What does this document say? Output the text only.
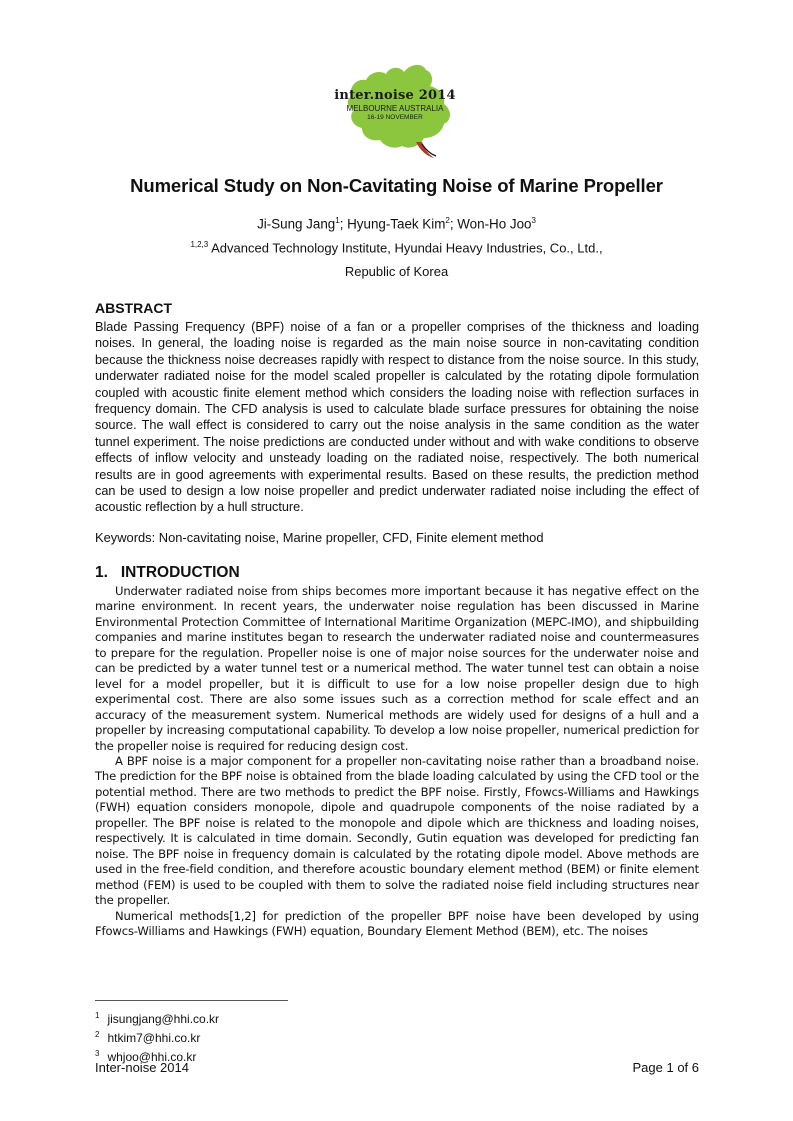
inter.noise 2014
MELBOURNE AUSTRALIA
16-19 NOVEMBER
Numerical Study on Non-Cavitating Noise of Marine Propeller
Ji-Sung Jang$^1$; Hyung-Taek Kim$^2$; Won-Ho Joo$^3$
$^{1,2,3}$ Advanced Technology Institute, Hyundai Heavy Industries, Co., Ltd.,
Republic of Korea
ABSTRACT
Blade Passing Frequency (BPF) noise of a fan or a propeller comprises of the thickness and loading noises. In general, the loading noise is regarded as the main noise source in non-cavitating condition because the thickness noise decreases rapidly with respect to distance from the noise source. In this study, underwater radiated noise for the model scaled propeller is calculated by the rotating dipole formulation coupled with acoustic finite element method which considers the loading noise with reflection surfaces in frequency domain. The CFD analysis is used to calculate blade surface pressures for obtaining the noise source. The wall effect is considered to carry out the noise analysis in the same condition as the water tunnel experiment. The noise predictions are conducted under without and with wake conditions to observe effects of inflow velocity and unsteady loading on the radiated noise, respectively. The both numerical results are in good agreements with experimental results. Based on these results, the prediction method can be used to design a low noise propeller and predict underwater radiated noise including the effect of acoustic reflection by a hull structure.
Keywords: Non-cavitating noise, Marine propeller, CFD, Finite element method
1.   INTRODUCTION

Underwater radiated noise from ships becomes more important because it has negative effect on the marine environment. In recent years, the underwater noise regulation has been discussed in Marine Environmental Protection Committee of International Maritime Organization (MEPC-IMO), and shipbuilding companies and marine institutes began to research the underwater radiated noise and countermeasures to prepare for the regulation. Propeller noise is one of major noise sources for the underwater noise and can be predicted by a water tunnel test or a numerical method. The water tunnel test can obtain a noise level for a model propeller, but it is difficult to use for a low noise propeller design due to high experimental cost. There are also some issues such as a correction method for scale effect and an accuracy of the measurement system. Numerical methods are widely used for designs of a hull and a propeller by increasing computational capability. To develop a low noise propeller, numerical prediction for the propeller noise is required for reducing design cost.

A BPF noise is a major component for a propeller non-cavitating noise rather than a broadband noise. The prediction for the BPF noise is obtained from the blade loading calculated by using the CFD tool or the potential method. There are two methods to predict the BPF noise. Firstly, Ffowcs-Williams and Hawkings (FWH) equation considers monopole, dipole and quadrupole components of the noise radiated by a propeller. The BPF noise is related to the monopole and dipole which are thickness and loading noises, respectively. It is calculated in time domain. Secondly, Gutin equation was developed for predicting fan noise. The BPF noise in frequency domain is calculated by the rotating dipole model. Above methods are used in the free-field condition, and therefore acoustic boundary element method (BEM) or finite element method (FEM) is used to be coupled with them to solve the radiated noise field including structures near the propeller.

Numerical methods[1,2] for prediction of the propeller BPF noise have been developed by using Ffowcs-Williams and Hawkings (FWH) equation, Boundary Element Method (BEM), etc. The noises

$^1$ jisungjang@hhi.co.kr
$^2$ htkim7@hhi.co.kr
$^3$ whjoo@hhi.co.kr
Inter-noise 2014	Page 1 of 6
